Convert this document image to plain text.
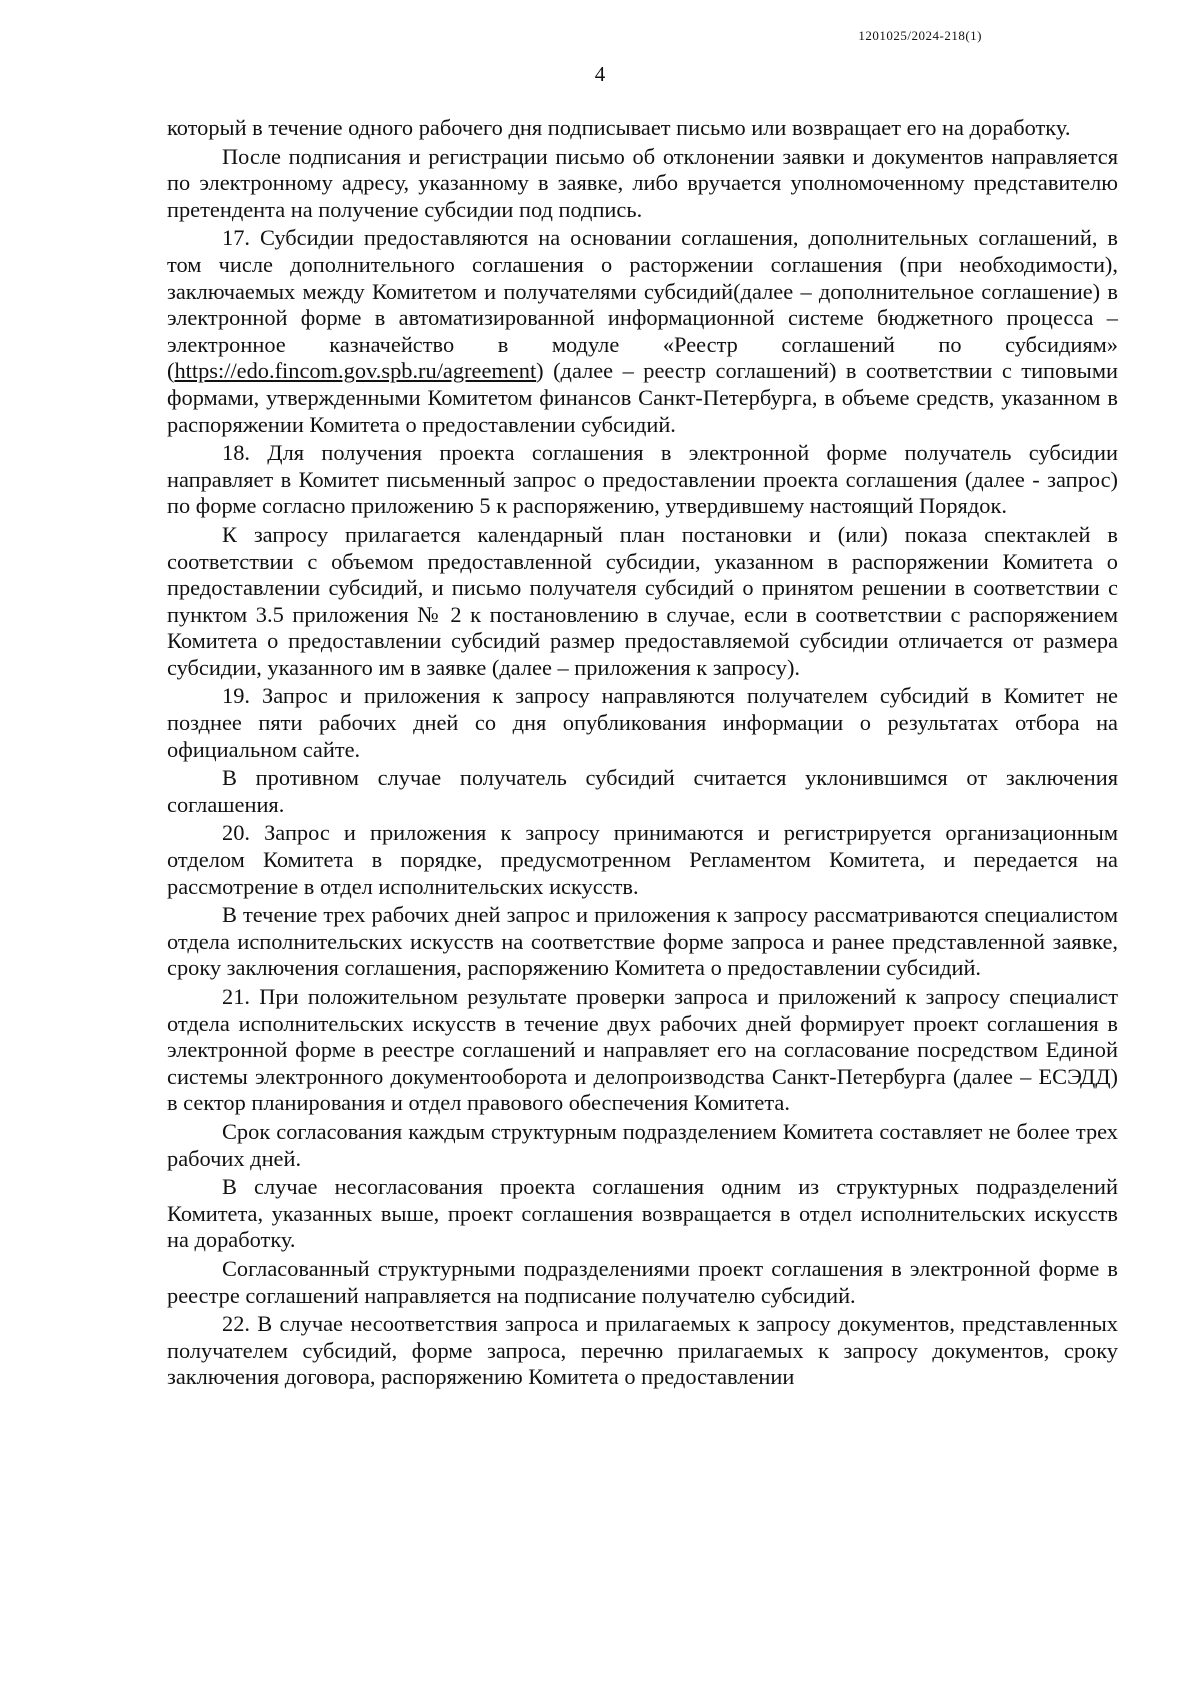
1201025/2024-218(1)
4

который в течение одного рабочего дня подписывает письмо или возвращает его на доработку.

После подписания и регистрации письмо об отклонении заявки и документов направляется по электронному адресу, указанному в заявке, либо вручается уполномоченному представителю претендента на получение субсидии под подпись.

17. Субсидии предоставляются на основании соглашения, дополнительных соглашений, в том числе дополнительного соглашения о расторжении соглашения (при необходимости), заключаемых между Комитетом и получателями субсидий(далее – дополнительное соглашение) в электронной форме в автоматизированной информационной системе бюджетного процесса – электронное казначейство в модуле «Реестр соглашений по субсидиям» (https://edo.fincom.gov.spb.ru/agreement) (далее – реестр соглашений) в соответствии с типовыми формами, утвержденными Комитетом финансов Санкт-Петербурга, в объеме средств, указанном в распоряжении Комитета о предоставлении субсидий.

18. Для получения проекта соглашения в электронной форме получатель субсидии направляет в Комитет письменный запрос о предоставлении проекта соглашения (далее - запрос) по форме согласно приложению 5 к распоряжению, утвердившему настоящий Порядок.

К запросу прилагается календарный план постановки и (или) показа спектаклей в соответствии с объемом предоставленной субсидии, указанном в распоряжении Комитета о предоставлении субсидий, и письмо получателя субсидий о принятом решении в соответствии с пунктом 3.5 приложения № 2 к постановлению в случае, если в соответствии с распоряжением Комитета о предоставлении субсидий размер предоставляемой субсидии отличается от размера субсидии, указанного им в заявке (далее – приложения к запросу).

19. Запрос и приложения к запросу направляются получателем субсидий в Комитет не позднее пяти рабочих дней со дня опубликования информации о результатах отбора на официальном сайте.

В противном случае получатель субсидий считается уклонившимся от заключения соглашения.

20. Запрос и приложения к запросу принимаются и регистрируется организационным отделом Комитета в порядке, предусмотренном Регламентом Комитета, и передается на рассмотрение в отдел исполнительских искусств.

В течение трех рабочих дней запрос и приложения к запросу рассматриваются специалистом отдела исполнительских искусств на соответствие форме запроса и ранее представленной заявке, сроку заключения соглашения, распоряжению Комитета о предоставлении субсидий.

21. При положительном результате проверки запроса и приложений к запросу специалист отдела исполнительских искусств в течение двух рабочих дней формирует проект соглашения в электронной форме в реестре соглашений и направляет его на согласование посредством Единой системы электронного документооборота и делопроизводства Санкт-Петербурга (далее – ЕСЭДД) в сектор планирования и отдел правового обеспечения Комитета.

Срок согласования каждым структурным подразделением Комитета составляет не более трех рабочих дней.

В случае несогласования проекта соглашения одним из структурных подразделений Комитета, указанных выше, проект соглашения возвращается в отдел исполнительских искусств на доработку.

Согласованный структурными подразделениями проект соглашения в электронной форме в реестре соглашений направляется на подписание получателю субсидий.

22. В случае несоответствия запроса и прилагаемых к запросу документов, представленных получателем субсидий, форме запроса, перечню прилагаемых к запросу документов, сроку заключения договора, распоряжению Комитета о предоставлении
